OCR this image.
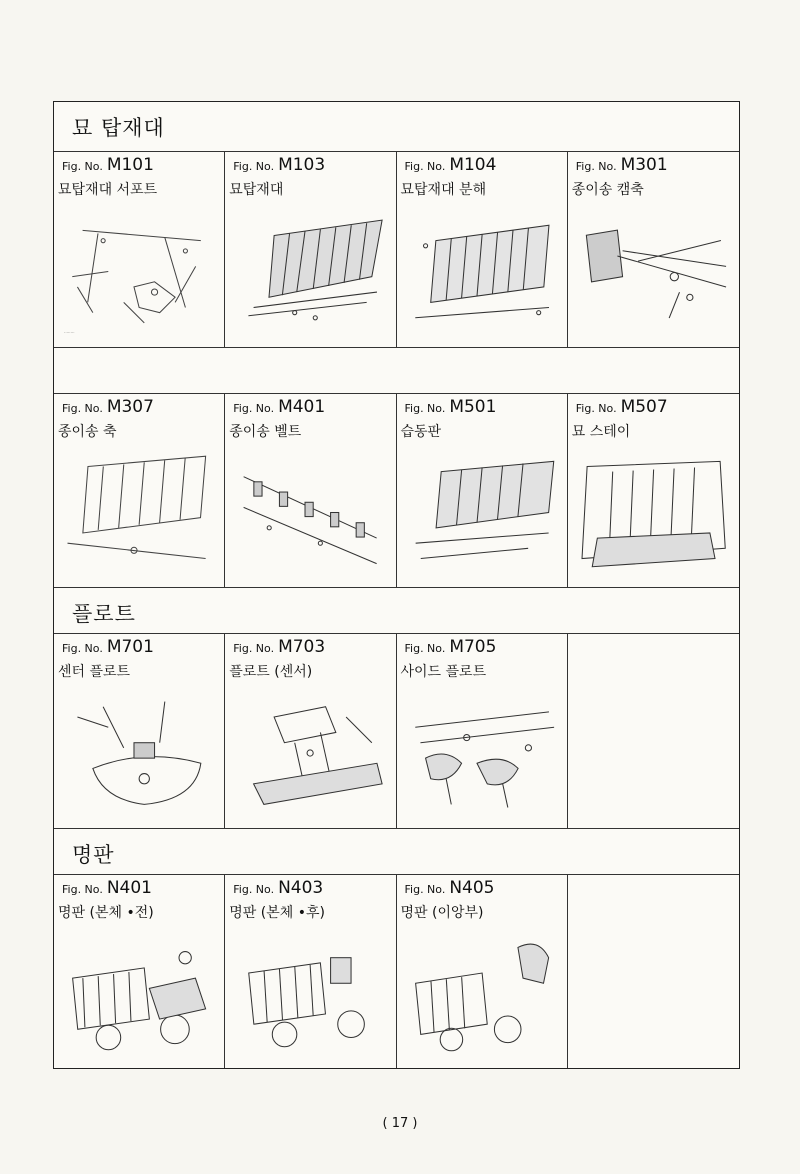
묘 탑재대
Fig. No. M101
묘탑재대 서포트
........
Fig. No. M103
묘탑재대
Fig. No. M104
묘탑재대 분해
Fig. No. M301
종이송 캠축
Fig. No. M307
종이송 축
Fig. No. M401
종이송 벨트
Fig. No. M501
습동판
Fig. No. M507
묘 스테이
플로트
Fig. No. M701
센터 플로트
Fig. No. M703
플로트 (센서)
Fig. No. M705
사이드 플로트
명판
Fig. No. N401
명판 (본체 •전)
Fig. No. N403
명판 (본체 •후)
Fig. No. N405
명판 (이앙부)
( 17 )
